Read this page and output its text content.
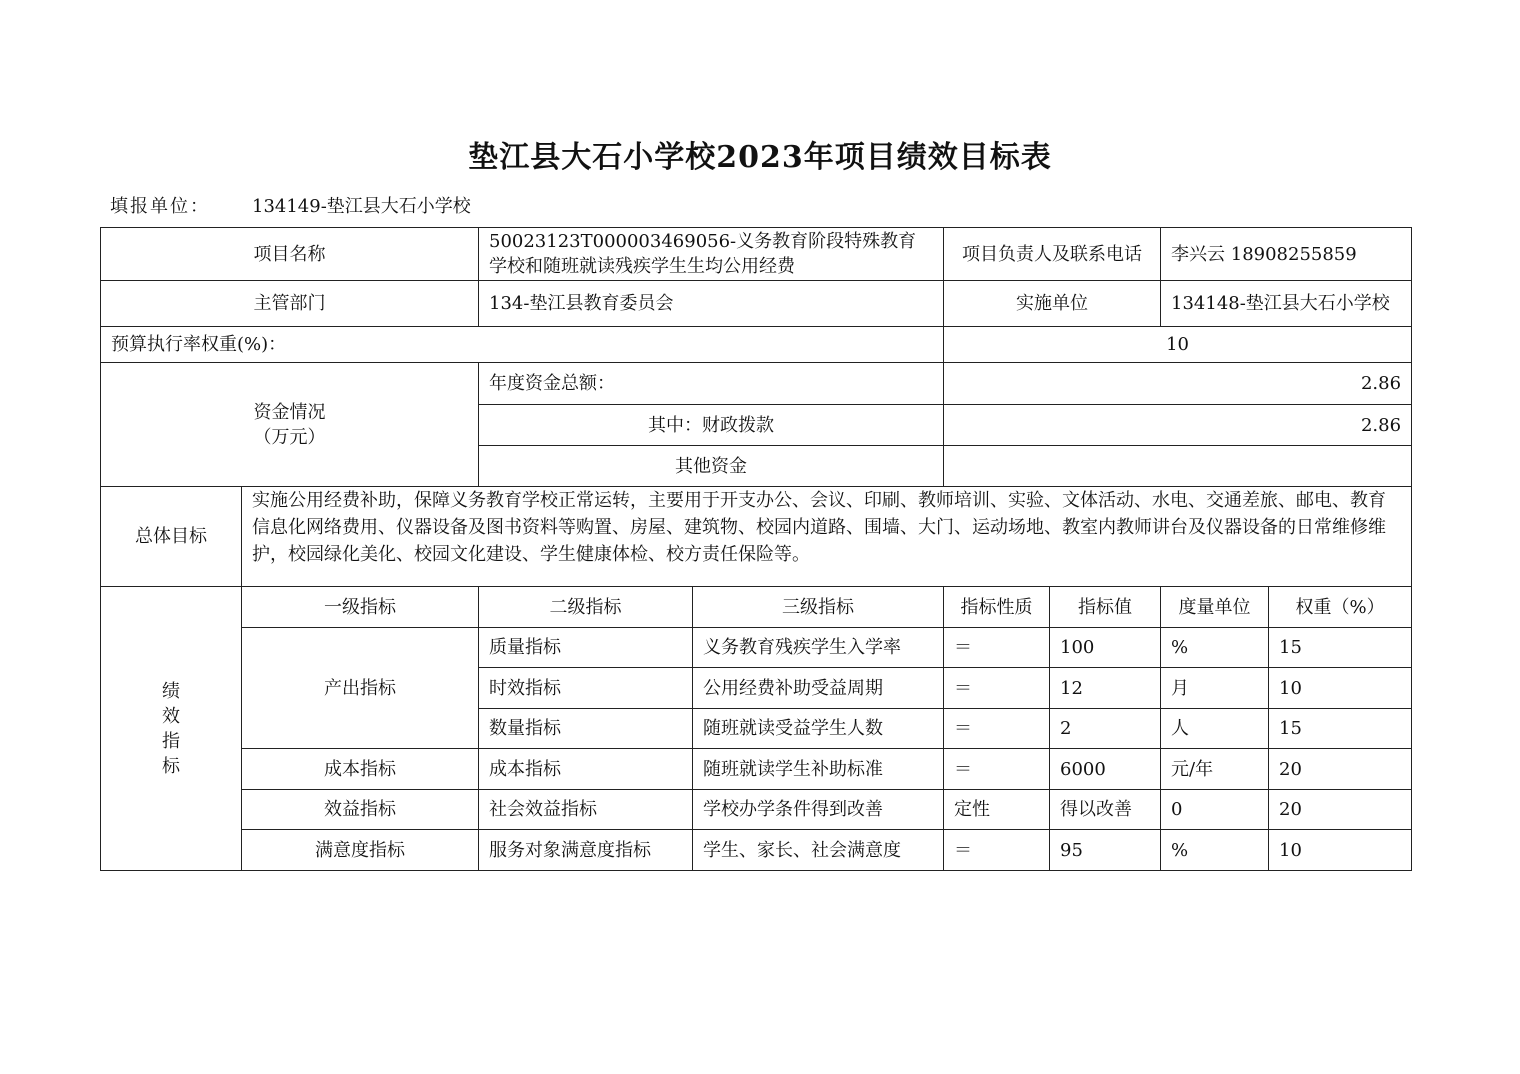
垫江县大石小学校2023年项目绩效目标表
填报单位： 134149-垫江县大石小学校
项目名称		50023123T000003469056-义务教育阶段特殊教育学校和随班就读残疾学生生均公用经费		项目负责人及联系电话		李兴云 18908255859	
主管部门		134-垫江县教育委员会		实施单位		134148-垫江县大石小学校	
预算执行率权重(%)：				10			

资金情况
（万元）		年度资金总额：		2.86			
		其中：财政拨款		2.86			
		其他资金					
总体目标	实施公用经费补助，保障义务教育学校正常运转，主要用于开支办公、会议、印刷、教师培训、实验、文体活动、水电、交通差旅、邮电、教育信息化网络费用、仪器设备及图书资料等购置、房屋、建筑物、校园内道路、围墙、大门、运动场地、教室内教师讲台及仪器设备的日常维修维护，校园绿化美化、校园文化建设、学生健康体检、校方责任保险等。						

绩
效
指
标	一级指标	二级指标	三级指标	指标性质	指标值	度量单位	权重（%）
	产出指标	质量指标	义务教育残疾学生入学率	＝	100	%	15
		时效指标	公用经费补助受益周期	＝	12	月	10
		数量指标	随班就读受益学生人数	＝	2	人	15
	成本指标	成本指标	随班就读学生补助标准	＝	6000	元/年	20
	效益指标	社会效益指标	学校办学条件得到改善	定性	得以改善	0	20
	满意度指标	服务对象满意度指标	学生、家长、社会满意度	＝	95	%	10
